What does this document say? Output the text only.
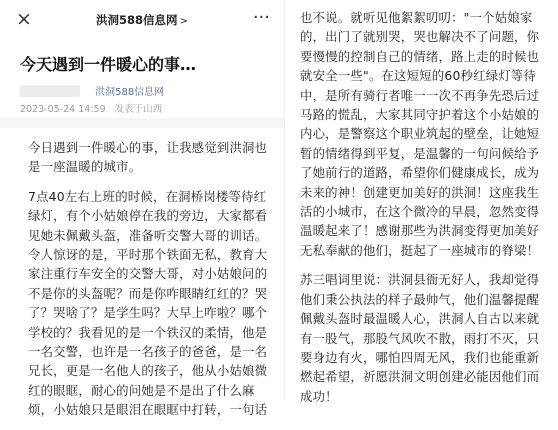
×	洪洞588信息网 >	···
今天遇到一件暖心的事…
洪洞588信息网
2023-05-24 14:59 发表于山西

今日遇到一件暖心的事，让我感觉到洪洞也是一座温暖的城市。

7点40左右上班的时候，在洞桥岗楼等待红绿灯，有个小姑娘停在我的旁边，大家都看见她未佩戴头盔，准备听交警大哥的训话。令人惊讶的是，平时那个铁面无私，教育大家注重行车安全的交警大哥，对小姑娘问的不是你的头盔呢？而是你咋眼睛红红的？哭了？哭啥了？是学生吗？大早上咋啦？哪个学校的？我看见的是一个铁汉的柔情，他是一名交警，也许是一名孩子的爸爸，是一名兄长，更是一名他人的孩子，他从小姑娘微红的眼眶，耐心的问她是不是出了什么麻烦，小姑娘只是眼泪在眼眶中打转，一句话

也不说。就听见他絮絮叨叨："一个姑娘家的，出门了就别哭，哭也解决不了问题，你要慢慢的控制自己的情绪，路上走的时候也就安全一些"。在这短短的60秒红绿灯等待中，是所有骑行者唯一一次不再争先恐后过马路的慌乱，大家其同守护着这个小姑娘的内心，是警察这个职业筑起的壁垒，让她短暂的情绪得到平复，是温馨的一句问候给予了她前行的道路，希望你们健康成长，成为未来的神！创建更加美好的洪洞！这座我生活的小城市，在这个微冷的早晨，忽然变得温暖起来了！感谢那些为洪洞变得更加美好无私奉献的他们，挺起了一座城市的脊梁！

苏三唱词里说：洪洞县衙无好人，我却觉得他们秉公执法的样子最帅气，他们温馨提醒佩戴头盔时最温暖人心，洪洞人自古以来就有一股气，那股气风吹不散，雨打不灭，只要身边有火，哪怕四周无风，我们也能重新燃起希望，祈愿洪洞文明创建必能因他们而成功！
